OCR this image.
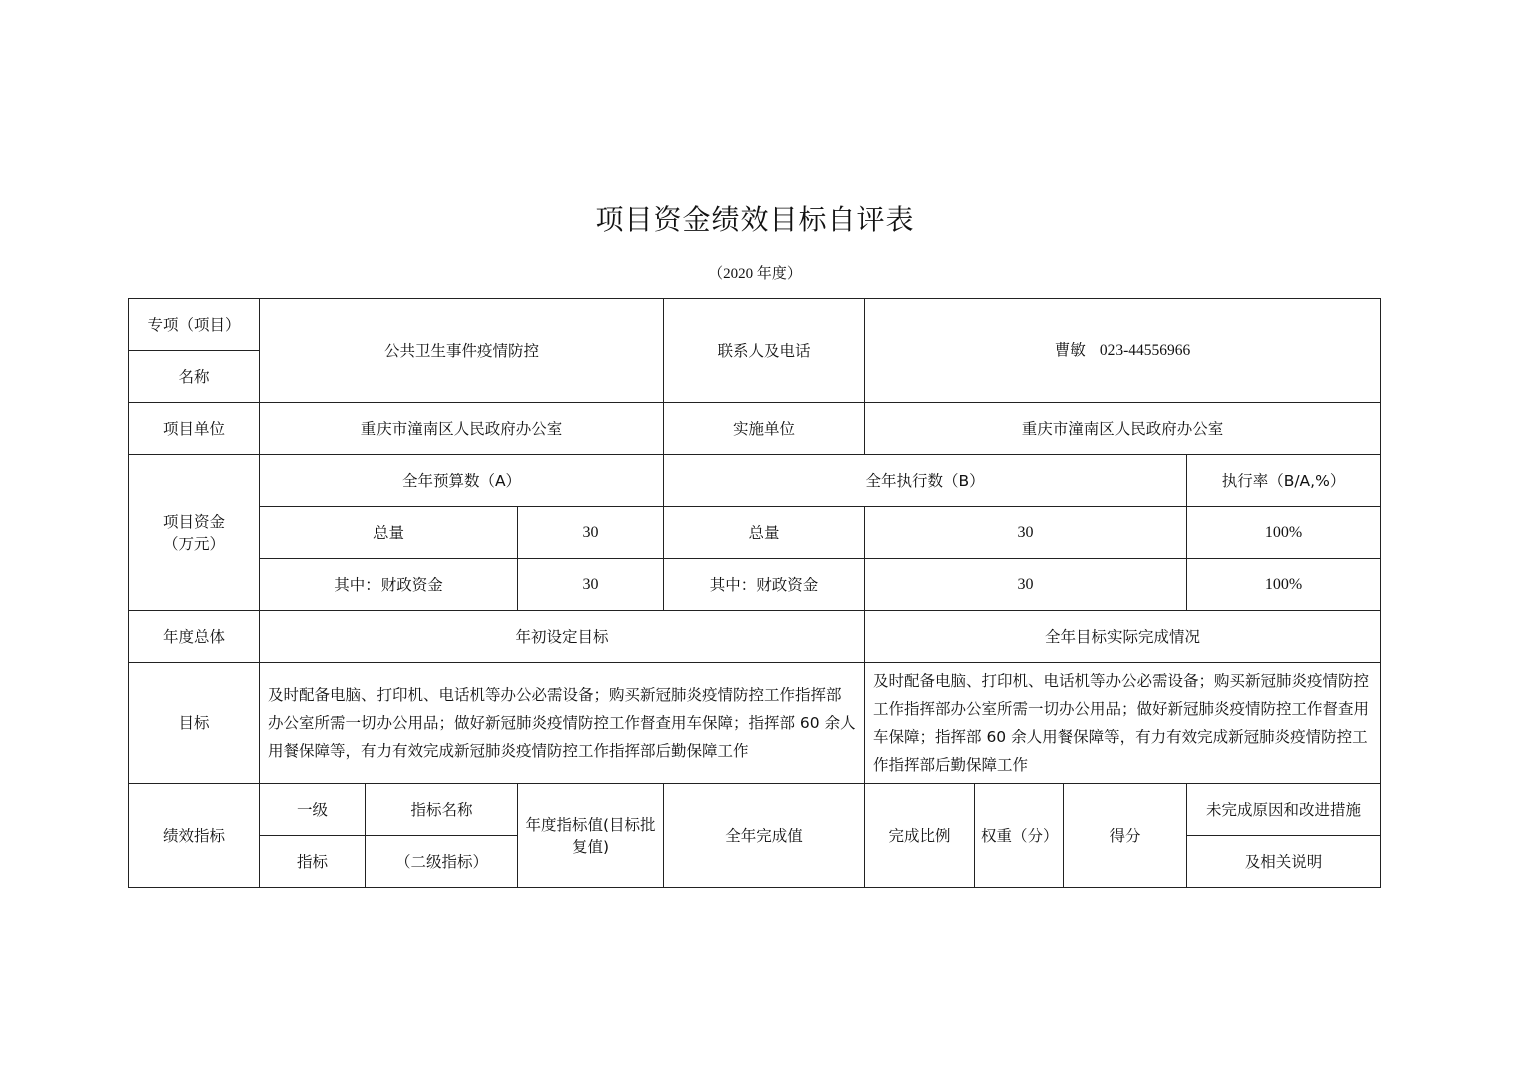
项目资金绩效目标自评表
（2020 年度）
专项（项目）	公共卫生事件疫情防控			联系人及电话	曹敏 023-44556966			
名称								
项目单位	重庆市潼南区人民政府办公室			实施单位	重庆市潼南区人民政府办公室			

项目资金
（万元）	全年预算数（A）			全年执行数（B）				执行率（B/A,%）
	总量		30	总量	30			100%
	其中：财政资金		30	其中：财政资金	30			100%
年度总体	年初设定目标				全年目标实际完成情况			
目标	及时配备电脑、打印机、电话机等办公必需设备；购买新冠肺炎疫情防控工作指挥部办公室所需一切办公用品；做好新冠肺炎疫情防控工作督查用车保障；指挥部 60 余人用餐保障等，有力有效完成新冠肺炎疫情防控工作指挥部后勤保障工作				及时配备电脑、打印机、电话机等办公必需设备；购买新冠肺炎疫情防控工作指挥部办公室所需一切办公用品；做好新冠肺炎疫情防控工作督查用车保障；指挥部 60 余人用餐保障等，有力有效完成新冠肺炎疫情防控工作指挥部后勤保障工作			
绩效指标	一级	指标名称	年度指标值(目标批复值)	全年完成值	完成比例	权重（分）	得分	未完成原因和改进措施
	指标	（二级指标）						及相关说明
